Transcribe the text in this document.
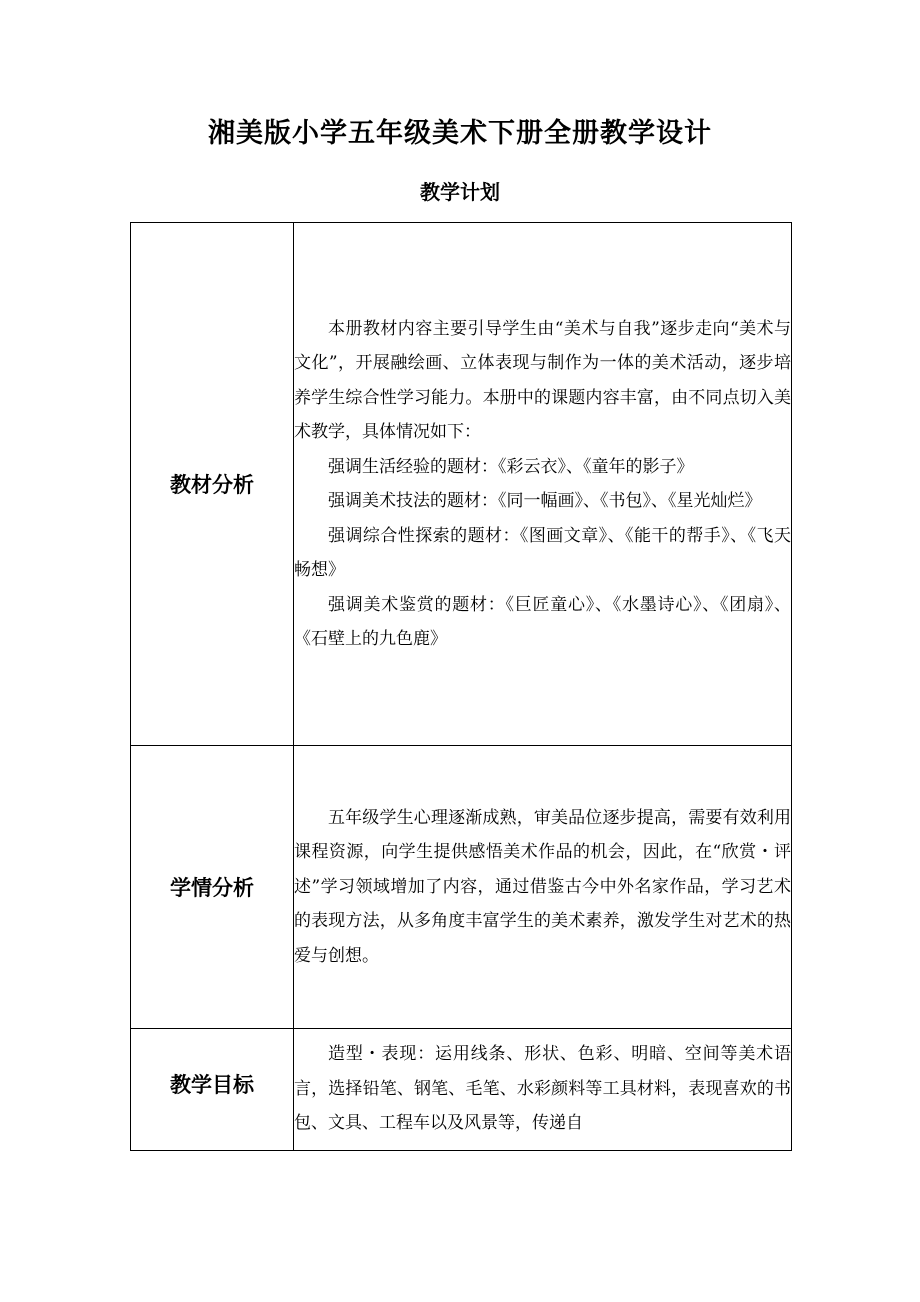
湘美版小学五年级美术下册全册教学设计
教学计划
教材分析	本册教材内容主要引导学生由“美术与自我”逐步走向“美术与文化”，开展融绘画、立体表现与制作为一体的美术活动，逐步培养学生综合性学习能力。本册中的课题内容丰富，由不同点切入美术教学，具体情况如下：

强调生活经验的题材：《彩云衣》、《童年的影子》

强调美术技法的题材：《同一幅画》、《书包》、《星光灿烂》

强调综合性探索的题材：《图画文章》、《能干的帮手》、《飞天畅想》

强调美术鉴赏的题材：《巨匠童心》、《水墨诗心》、《团扇》、《石壁上的九色鹿》

学情分析	五年级学生心理逐渐成熟，审美品位逐步提高，需要有效利用课程资源，向学生提供感悟美术作品的机会，因此，在“欣赏・评述”学习领域增加了内容，通过借鉴古今中外名家作品，学习艺术的表现方法，从多角度丰富学生的美术素养，激发学生对艺术的热爱与创想。

教学目标	造型・表现：运用线条、形状、色彩、明暗、空间等美术语言，选择铅笔、钢笔、毛笔、水彩颜料等工具材料，表现喜欢的书包、文具、工程车以及风景等，传递自
